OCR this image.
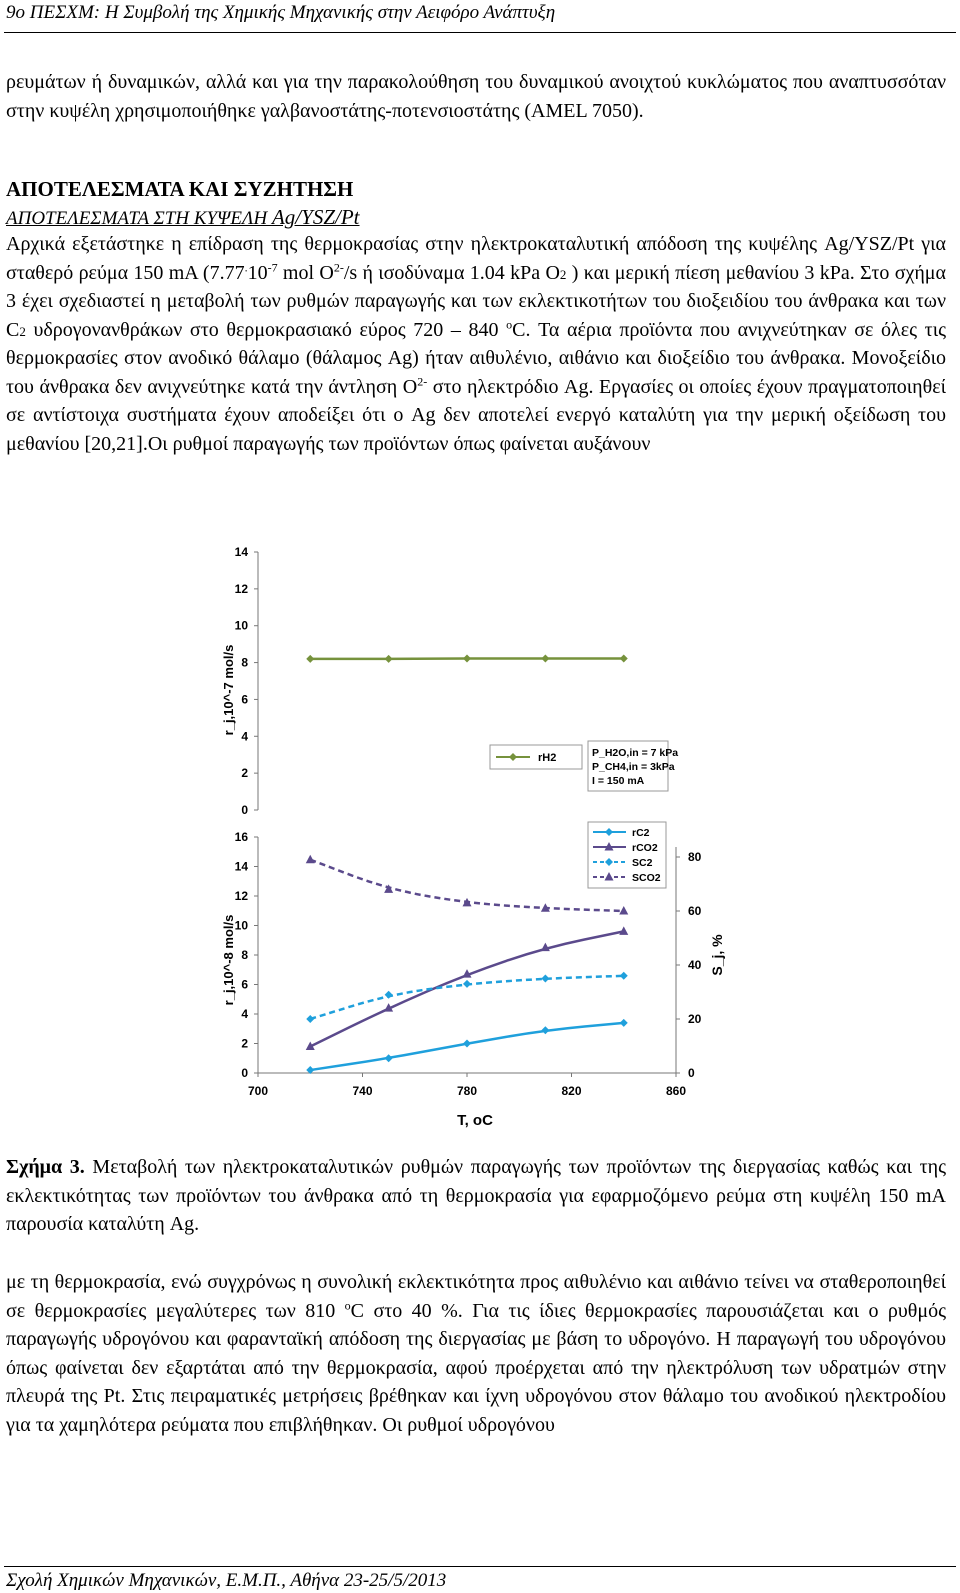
9ο ΠΕΣΧΜ: Η Συμβολή της Χημικής Μηχανικής στην Αειφόρο Ανάπτυξη
ρευμάτων ή δυναμικών, αλλά και για την παρακολούθηση του δυναμικού ανοιχτού κυκλώματος που αναπτυσσόταν στην κυψέλη χρησιμοποιήθηκε γαλβανοστάτης-ποτενσιοστάτης (AMEL 7050).
ΑΠΟΤΕΛΕΣΜΑΤΑ ΚΑΙ ΣΥΖΗΤΗΣΗ
ΑΠΟΤΕΛΕΣΜΑΤΑ ΣΤΗ ΚΥΨΕΛΗ Ag/YSZ/Pt
Αρχικά εξετάστηκε η επίδραση της θερμοκρασίας στην ηλεκτροκαταλυτική απόδοση της κυψέλης Ag/YSZ/Pt για σταθερό ρεύμα 150 mA ($7.77^.10^{-7}$ mol $O^{2-}/s$ ή ισοδύναμα 1.04 kPa O2 ) και μερική πίεση μεθανίου 3 kPa. Στο σχήμα 3 έχει σχεδιαστεί η μεταβολή των ρυθμών παραγωγής και των εκλεκτικοτήτων του διοξειδίου του άνθρακα και των C2 υδρογονανθράκων στο θερμοκρασιακό εύρος 720 – 840 $^o$C. Τα αέρια προϊόντα που ανιχνεύτηκαν σε όλες τις θερμοκρασίες στον ανοδικό θάλαμο (θάλαμος Ag) ήταν αιθυλένιο, αιθάνιο και διοξείδιο του άνθρακα. Μονοξείδιο του άνθρακα δεν ανιχνεύτηκε κατά την άντληση $O^{2-}$ στο ηλεκτρόδιο Ag. Εργασίες οι οποίες έχουν πραγματοποιηθεί σε αντίστοιχα συστήματα έχουν αποδείξει ότι ο Ag δεν αποτελεί ενεργό καταλύτη για την μερική οξείδωση του μεθανίου [20,21].Οι ρυθμοί παραγωγής των προϊόντων όπως φαίνεται αυξάνουν
0
2
4
6
8
10
12
14
r_j,10^-7 mol/s
rH2	P_H2O,in = 7 kPa
P_CH4,in = 3kPa
I = 150 mA
0
2
4
6
8
10
12
14
16
0
20
40
60
80
700	740	780	820	860
r_j,10^-8 mol/s	S_j, %
T, oC
rC2
rCO2
SC2
SCO2
Σχήμα 3. Μεταβολή των ηλεκτροκαταλυτικών ρυθμών παραγωγής των προϊόντων της διεργασίας καθώς και της εκλεκτικότητας των προϊόντων του άνθρακα από τη θερμοκρασία για εφαρμοζόμενο ρεύμα στη κυψέλη 150 mA παρουσία καταλύτη Ag.
με τη θερμοκρασία, ενώ συγχρόνως η συνολική εκλεκτικότητα προς αιθυλένιο και αιθάνιο τείνει να σταθεροποιηθεί σε θερμοκρασίες μεγαλύτερες των 810 $^o$C στο 40 %. Για τις ίδιες θερμοκρασίες παρουσιάζεται και ο ρυθμός παραγωγής υδρογόνου και φαρανταϊκή απόδοση της διεργασίας με βάση το υδρογόνο. Η παραγωγή του υδρογόνου όπως φαίνεται δεν εξαρτάται από την θερμοκρασία, αφού προέρχεται από την ηλεκτρόλυση των υδρατμών στην πλευρά της Pt. Στις πειραματικές μετρήσεις βρέθηκαν και ίχνη υδρογόνου στον θάλαμο του ανοδικού ηλεκτροδίου για τα χαμηλότερα ρεύματα που επιβλήθηκαν. Οι ρυθμοί υδρογόνου
Σχολή Χημικών Μηχανικών, Ε.Μ.Π., Αθήνα 23-25/5/2013
